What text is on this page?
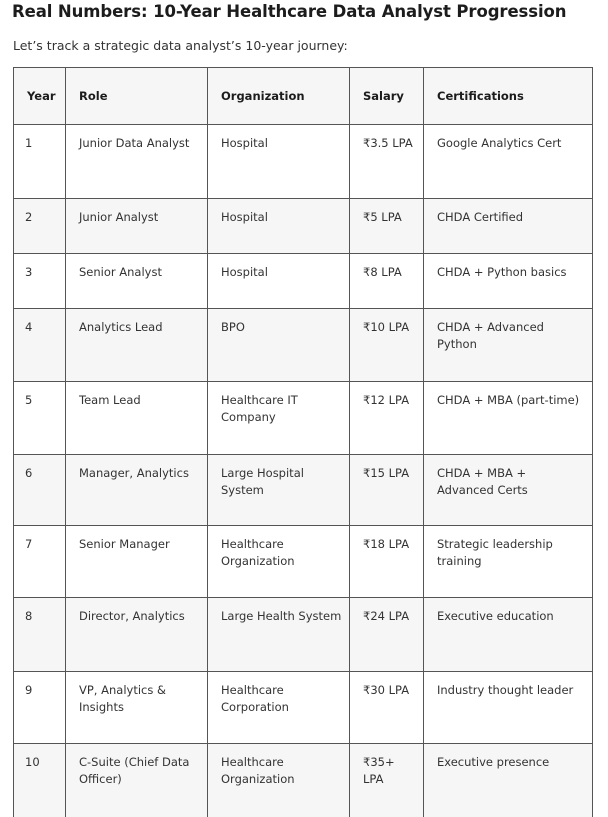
Real Numbers: 10-Year Healthcare Data Analyst Progression

Let’s track a strategic data analyst’s 10-year journey:

Year	Role	Organization	Salary	Certifications
1	Junior Data Analyst	Hospital	₹3.5 LPA	Google Analytics Cert
2	Junior Analyst	Hospital	₹5 LPA	CHDA Certified
3	Senior Analyst	Hospital	₹8 LPA	CHDA + Python basics
4	Analytics Lead	BPO	₹10 LPA	CHDA + Advanced Python
5	Team Lead	Healthcare IT Company	₹12 LPA	CHDA + MBA (part-time)
6	Manager, Analytics	Large Hospital System	₹15 LPA	CHDA + MBA + Advanced Certs
7	Senior Manager	Healthcare Organization	₹18 LPA	Strategic leadership training
8	Director, Analytics	Large Health System	₹24 LPA	Executive education
9	VP, Analytics & Insights	Healthcare Corporation	₹30 LPA	Industry thought leader
10	C-Suite (Chief Data Officer)	Healthcare Organization	₹35+ LPA	Executive presence
